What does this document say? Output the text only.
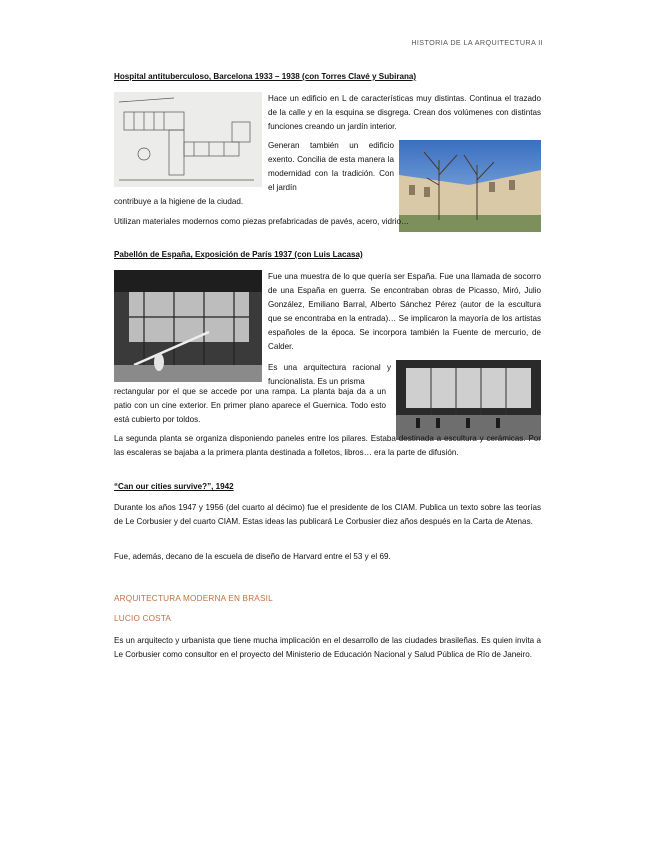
HISTORIA DE LA ARQUITECTURA II

Hospital antituberculoso, Barcelona 1933 – 1938 (con Torres Clavé y Subirana)

Hace un edificio en L de características muy distintas. Continua el trazado de la calle y en la esquina se disgrega. Crean dos volúmenes con distintas funciones creando un jardín interior.

Generan también un edificio exento. Concilia de esta manera la modernidad con la tradición. Con el jardín

contribuye a la higiene de la ciudad.

Utilizan materiales modernos como piezas prefabricadas de pavés, acero, vidrio…

Pabellón de España, Exposición de París 1937 (con Luis Lacasa)

Fue una muestra de lo que quería ser España. Fue una llamada de socorro de una España en guerra. Se encontraban obras de Picasso, Miró, Julio González, Emiliano Barral, Alberto Sánchez Pérez (autor de la escultura que se encontraba en la entrada)… Se implicaron la mayoría de los artistas españoles de la época. Se incorpora también la Fuente de mercurio, de Calder.

Es una arquitectura racional y funcionalista. Es un prisma

rectangular por el que se accede por una rampa. La planta baja da a un patio con un cine exterior. En primer plano aparece el Guernica. Todo esto está cubierto por toldos.

La segunda planta se organiza disponiendo paneles entre los pilares. Estaba destinada a escultura y cerámicas. Por las escaleras se bajaba a la primera planta destinada a folletos, libros… era la parte de difusión.

“Can our cities survive?”, 1942

Durante los años 1947 y 1956 (del cuarto al décimo) fue el presidente de los CIAM. Publica un texto sobre las teorías de Le Corbusier y del cuarto CIAM. Estas ideas las publicará Le Corbusier diez años después en la Carta de Atenas.

Fue, además, decano de la escuela de diseño de Harvard entre el 53 y el 69.

ARQUITECTURA MODERNA EN BRASIL

LUCIO COSTA

Es un arquitecto y urbanista que tiene mucha implicación en el desarrollo de las ciudades brasileñas. Es quien invita a Le Corbusier como consultor en el proyecto del Ministerio de Educación Nacional y Salud Pública de Río de Janeiro.
